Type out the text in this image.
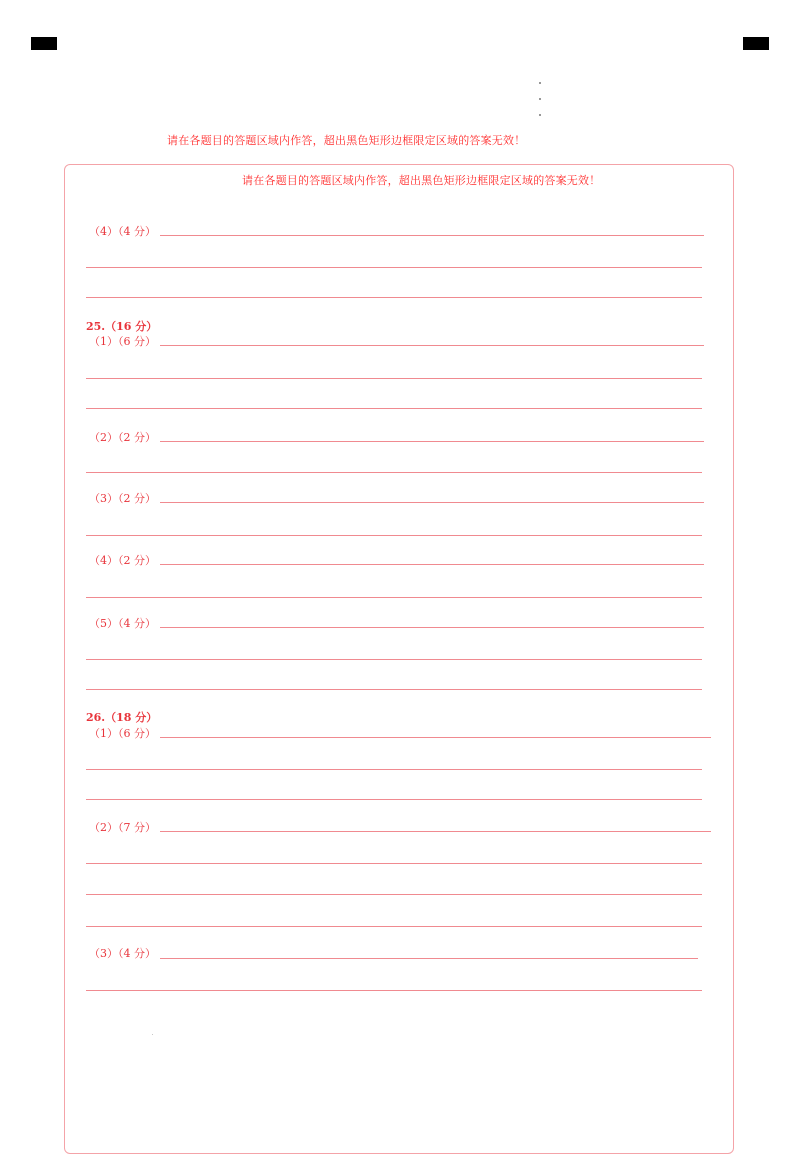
请在各题目的答题区域内作答，超出黑色矩形边框限定区域的答案无效！
请在各题目的答题区域内作答，超出黑色矩形边框限定区域的答案无效！
（4）（4 分）
25.（16 分）
（1）（6 分）
（2）（2 分）
（3）（2 分）
（4）（2 分）
（5）（4 分）
26.（18 分）
（1）（6 分）
（2）（7 分）
（3）（4 分）
